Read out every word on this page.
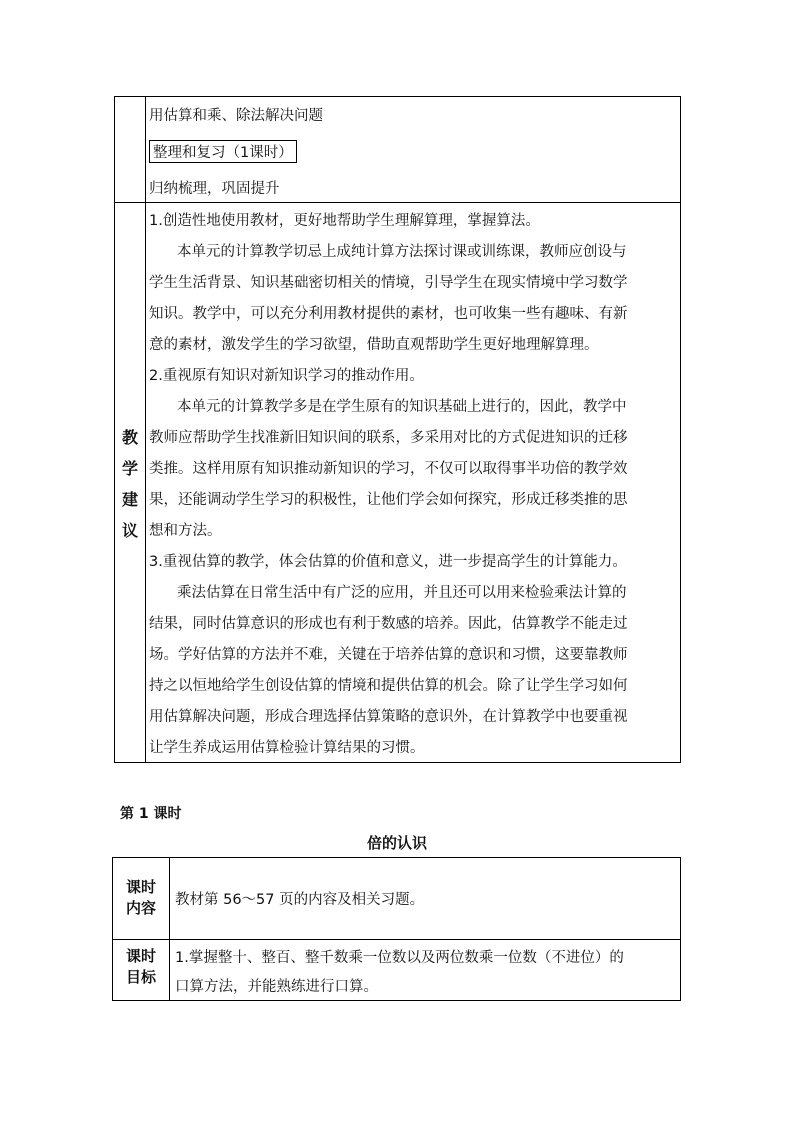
用估算和乘、除法解决问题
整理和复习（1课时）
归纳梳理，巩固提升
教
学
建
议
1.创造性地使用教材，更好地帮助学生理解算理，掌握算法。
本单元的计算教学切忌上成纯计算方法探讨课或训练课，教师应创设与
学生生活背景、知识基础密切相关的情境，引导学生在现实情境中学习数学
知识。教学中，可以充分利用教材提供的素材，也可收集一些有趣味、有新
意的素材，激发学生的学习欲望，借助直观帮助学生更好地理解算理。
2.重视原有知识对新知识学习的推动作用。
本单元的计算教学多是在学生原有的知识基础上进行的，因此，教学中
教师应帮助学生找准新旧知识间的联系，多采用对比的方式促进知识的迁移
类推。这样用原有知识推动新知识的学习，不仅可以取得事半功倍的教学效
果，还能调动学生学习的积极性，让他们学会如何探究，形成迁移类推的思
想和方法。
3.重视估算的教学，体会估算的价值和意义，进一步提高学生的计算能力。
乘法估算在日常生活中有广泛的应用，并且还可以用来检验乘法计算的
结果，同时估算意识的形成也有利于数感的培养。因此，估算教学不能走过
场。学好估算的方法并不难，关键在于培养估算的意识和习惯，这要靠教师
持之以恒地给学生创设估算的情境和提供估算的机会。除了让学生学习如何
用估算解决问题，形成合理选择估算策略的意识外，在计算教学中也要重视
让学生养成运用估算检验计算结果的习惯。
第 1 课时
倍的认识
课时
内容	教材第 56～57 页的内容及相关习题。
课时
目标
1.掌握整十、整百、整千数乘一位数以及两位数乘一位数（不进位）的
口算方法，并能熟练进行口算。
